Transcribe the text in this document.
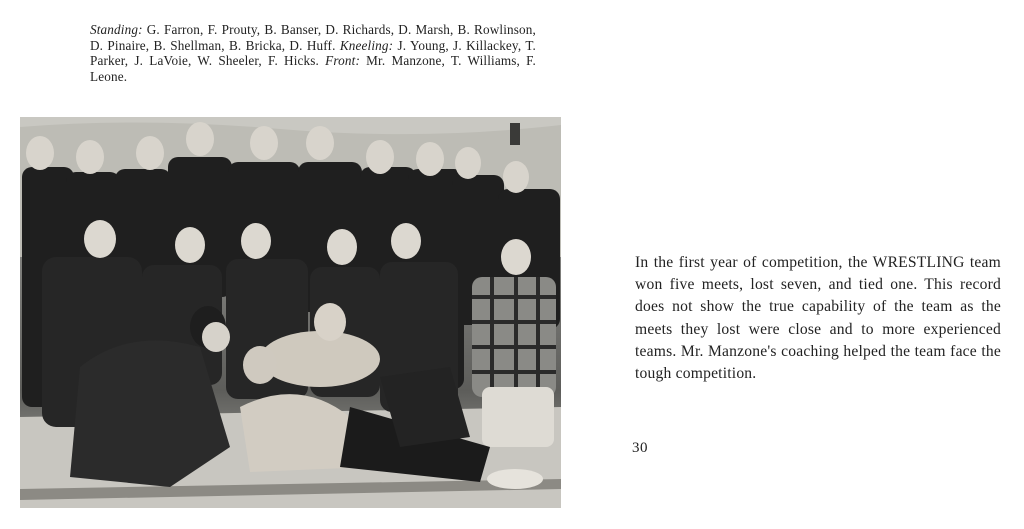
Standing: G. Farron, F. Prouty, B. Banser, D. Richards, D. Marsh, B. Rowlinson, D. Pinaire, B. Shellman, B. Bricka, D. Huff. Kneeling: J. Young, J. Killackey, T. Parker, J. LaVoie, W. Sheeler, F. Hicks. Front: Mr. Manzone, T. Williams, F. Leone.
In the first year of competition, the WRESTLING team won five meets, lost seven, and tied one. This record does not show the true capability of the team as the meets they lost were close and to more experienced teams. Mr. Manzone's coaching helped the team face the tough competition.
30
